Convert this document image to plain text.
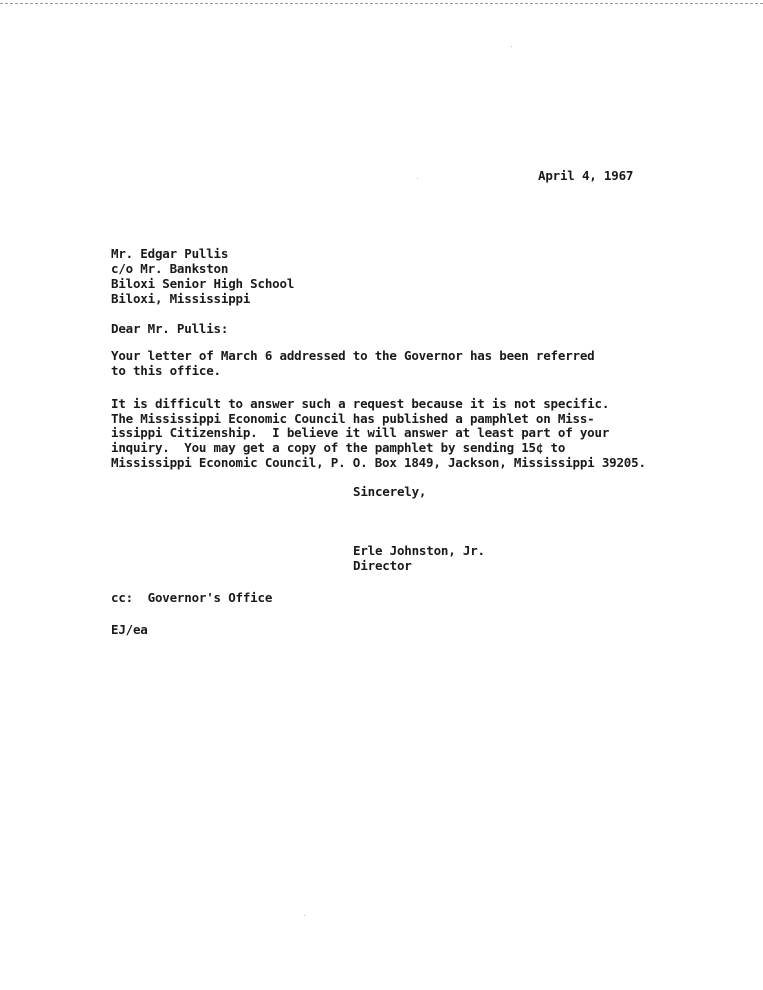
April 4, 1967
Mr. Edgar Pullis
c/o Mr. Bankston
Biloxi Senior High School
Biloxi, Mississippi
Dear Mr. Pullis:
Your letter of March 6 addressed to the Governor has been referred
to this office.
It is difficult to answer such a request because it is not specific.
The Mississippi Economic Council has published a pamphlet on Miss-
issippi Citizenship.  I believe it will answer at least part of your
inquiry.  You may get a copy of the pamphlet by sending 15¢ to
Mississippi Economic Council, P. O. Box 1849, Jackson, Mississippi 39205.
Sincerely,
Erle Johnston, Jr.
Director
cc:  Governor's Office
EJ/ea
